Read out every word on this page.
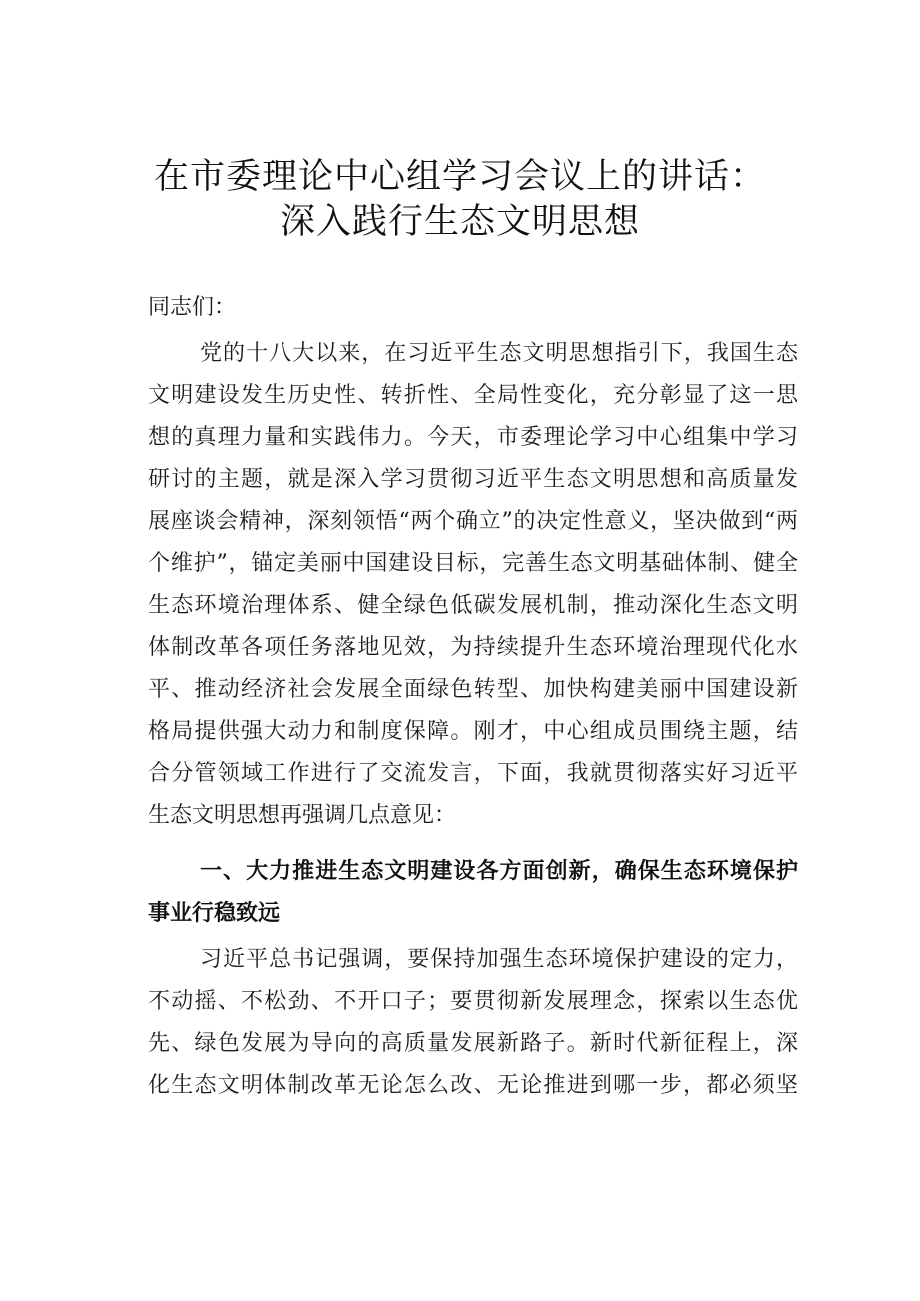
在市委理论中心组学习会议上的讲话：
深入践行生态文明思想
同志们：
党的十八大以来，在习近平生态文明思想指引下，我国生态
文明建设发生历史性、转折性、全局性变化，充分彰显了这一思
想的真理力量和实践伟力。今天，市委理论学习中心组集中学习
研讨的主题，就是深入学习贯彻习近平生态文明思想和高质量发
展座谈会精神，深刻领悟“两个确立”的决定性意义，坚决做到“两
个维护”，锚定美丽中国建设目标，完善生态文明基础体制、健全
生态环境治理体系、健全绿色低碳发展机制，推动深化生态文明
体制改革各项任务落地见效，为持续提升生态环境治理现代化水
平、推动经济社会发展全面绿色转型、加快构建美丽中国建设新
格局提供强大动力和制度保障。刚才，中心组成员围绕主题，结
合分管领域工作进行了交流发言，下面，我就贯彻落实好习近平
生态文明思想再强调几点意见：
一、大力推进生态文明建设各方面创新，确保生态环境保护
事业行稳致远
习近平总书记强调，要保持加强生态环境保护建设的定力，
不动摇、不松劲、不开口子；要贯彻新发展理念，探索以生态优
先、绿色发展为导向的高质量发展新路子。新时代新征程上，深
化生态文明体制改革无论怎么改、无论推进到哪一步，都必须坚
